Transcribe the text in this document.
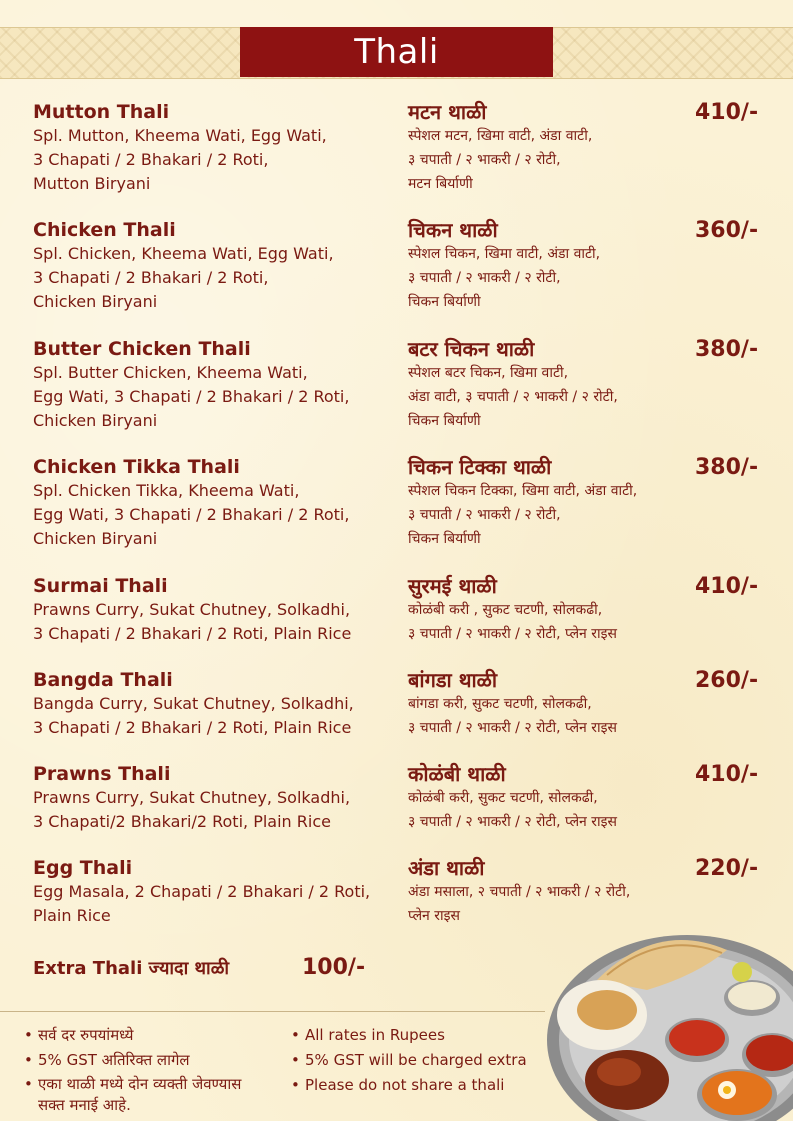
Thali
Mutton Thali
Spl. Mutton, Kheema Wati, Egg Wati,
3 Chapati / 2 Bhakari / 2 Roti,
Mutton Biryani
मटन थाळी
स्पेशल मटन, खिमा वाटी, अंडा वाटी,
३ चपाती / २ भाकरी / २ रोटी,
मटन बिर्याणी
410/-
Chicken Thali
Spl. Chicken, Kheema Wati, Egg Wati,
3 Chapati / 2 Bhakari / 2 Roti,
Chicken Biryani
चिकन थाळी
स्पेशल चिकन, खिमा वाटी, अंडा वाटी,
३ चपाती / २ भाकरी / २ रोटी,
चिकन बिर्याणी
360/-
Butter Chicken Thali
Spl. Butter Chicken, Kheema Wati,
Egg Wati, 3 Chapati / 2 Bhakari / 2 Roti,
Chicken Biryani
बटर चिकन थाळी
स्पेशल बटर चिकन, खिमा वाटी,
अंडा वाटी, ३ चपाती / २ भाकरी / २ रोटी,
चिकन बिर्याणी
380/-
Chicken Tikka Thali
Spl. Chicken Tikka, Kheema Wati,
Egg Wati, 3 Chapati / 2 Bhakari / 2 Roti,
Chicken Biryani
चिकन टिक्का थाळी
स्पेशल चिकन टिक्का, खिमा वाटी, अंडा वाटी,
३ चपाती / २ भाकरी / २ रोटी,
चिकन बिर्याणी
380/-
Surmai Thali
Prawns Curry, Sukat Chutney, Solkadhi,
3 Chapati / 2 Bhakari / 2 Roti, Plain Rice
सुरमई थाळी
कोळंबी करी , सुकट चटणी, सोलकढी,
३ चपाती / २ भाकरी / २ रोटी, प्लेन राइस
410/-
Bangda Thali
Bangda Curry, Sukat Chutney, Solkadhi,
3 Chapati / 2 Bhakari / 2 Roti, Plain Rice
बांगडा थाळी
बांगडा करी, सुकट चटणी, सोलकढी,
३ चपाती / २ भाकरी / २ रोटी, प्लेन राइस
260/-
Prawns Thali
Prawns Curry, Sukat Chutney, Solkadhi,
3 Chapati/2 Bhakari/2 Roti, Plain Rice
कोळंबी थाळी
कोळंबी करी, सुकट चटणी, सोलकढी,
३ चपाती / २ भाकरी / २ रोटी, प्लेन राइस
410/-
Egg Thali
Egg Masala, 2 Chapati / 2 Bhakari / 2 Roti,
Plain Rice
अंडा थाळी
अंडा मसाला, २ चपाती / २ भाकरी / २ रोटी,
प्लेन राइस
220/-
Extra Thali ज्यादा थाळी	100/-
• सर्व दर रुपयांमध्ये
• 5% GST अतिरिक्त लागेल
• एका थाळी मध्ये दोन व्यक्ती जेवण्यास
सक्त मनाई आहे.
• All rates in Rupees
• 5% GST will be charged extra
• Please do not share a thali
